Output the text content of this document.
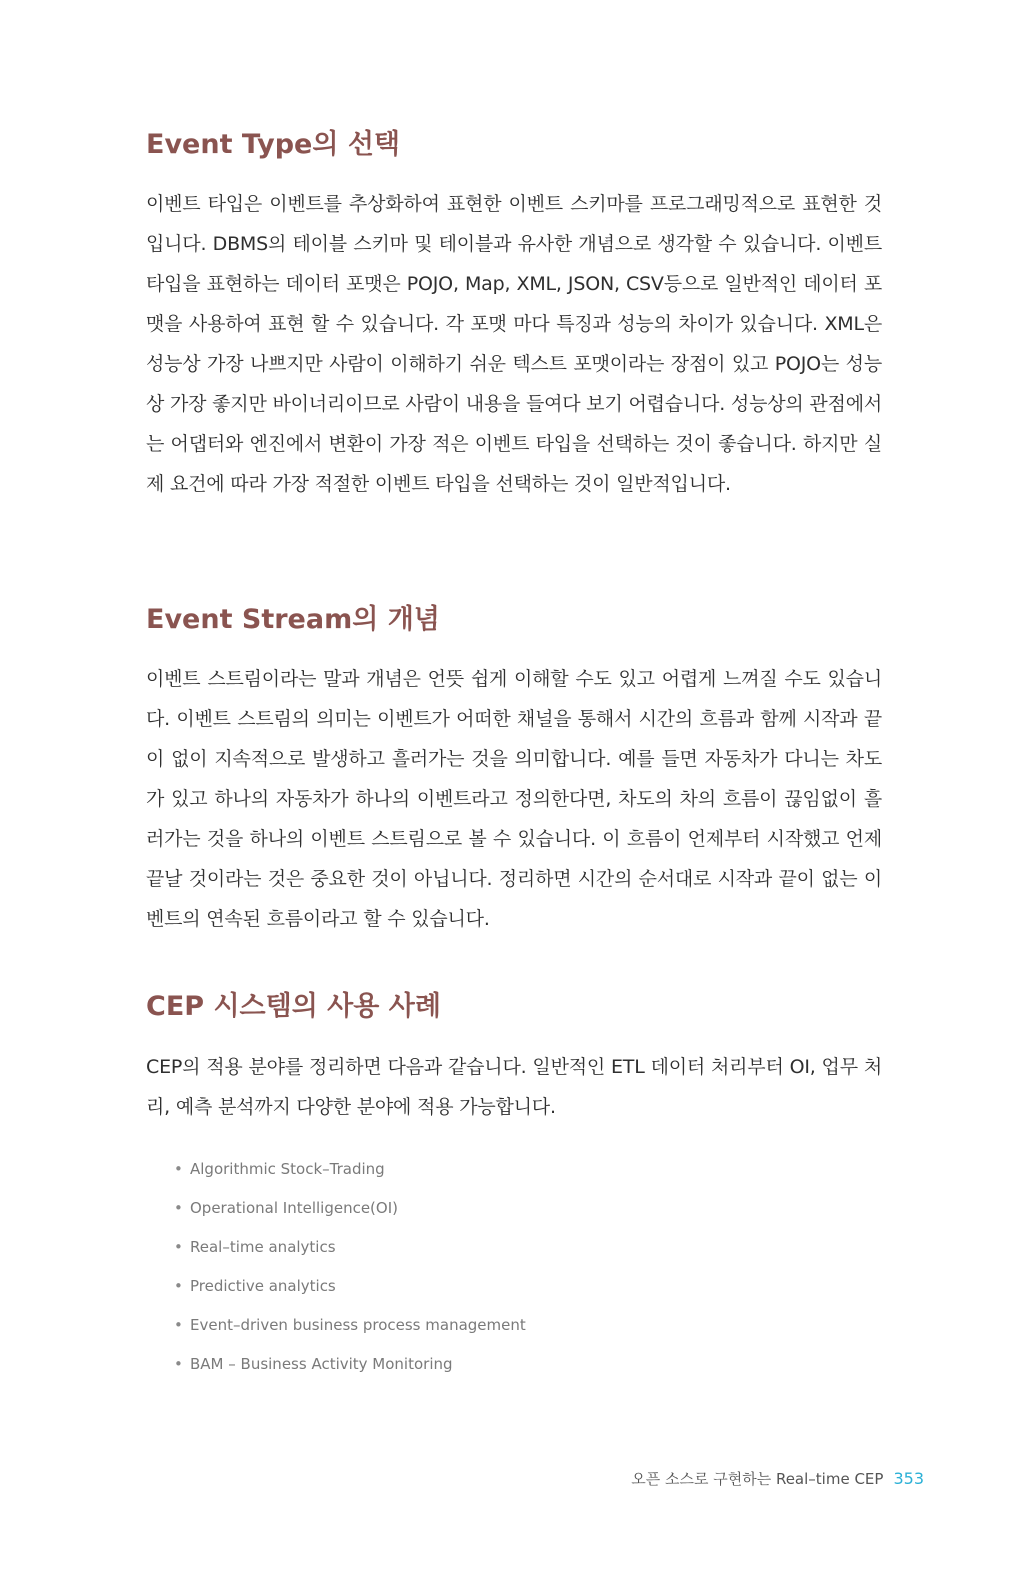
Event Type의 선택

이벤트 타입은 이벤트를 추상화하여 표현한 이벤트 스키마를 프로그래밍적으로 표현한 것입니다. DBMS의 테이블 스키마 및 테이블과 유사한 개념으로 생각할 수 있습니다. 이벤트 타입을 표현하는 데이터 포맷은 POJO, Map, XML, JSON, CSV등으로 일반적인 데이터 포맷을 사용하여 표현 할 수 있습니다. 각 포맷 마다 특징과 성능의 차이가 있습니다. XML은 성능상 가장 나쁘지만 사람이 이해하기 쉬운 텍스트 포맷이라는 장점이 있고 POJO는 성능상 가장 좋지만 바이너리이므로 사람이 내용을 들여다 보기 어렵습니다. 성능상의 관점에서는 어댑터와 엔진에서 변환이 가장 적은 이벤트 타입을 선택하는 것이 좋습니다. 하지만 실제 요건에 따라 가장 적절한 이벤트 타입을 선택하는 것이 일반적입니다.

Event Stream의 개념

이벤트 스트림이라는 말과 개념은 언뜻 쉽게 이해할 수도 있고 어렵게 느껴질 수도 있습니다. 이벤트 스트림의 의미는 이벤트가 어떠한 채널을 통해서 시간의 흐름과 함께 시작과 끝이 없이 지속적으로 발생하고 흘러가는 것을 의미합니다. 예를 들면 자동차가 다니는 차도가 있고 하나의 자동차가 하나의 이벤트라고 정의한다면, 차도의 차의 흐름이 끊임없이 흘러가는 것을 하나의 이벤트 스트림으로 볼 수 있습니다. 이 흐름이 언제부터 시작했고 언제 끝날 것이라는 것은 중요한 것이 아닙니다. 정리하면 시간의 순서대로 시작과 끝이 없는 이벤트의 연속된 흐름이라고 할 수 있습니다.

CEP 시스템의 사용 사례

CEP의 적용 분야를 정리하면 다음과 같습니다. 일반적인 ETL 데이터 처리부터 OI, 업무 처리, 예측 분석까지 다양한 분야에 적용 가능합니다.

• Algorithmic Stock–Trading
• Operational Intelligence(OI)
• Real–time analytics
• Predictive analytics
• Event–driven business process management
• BAM – Business Activity Monitoring
오픈 소스로 구현하는 Real–time CEP 353
